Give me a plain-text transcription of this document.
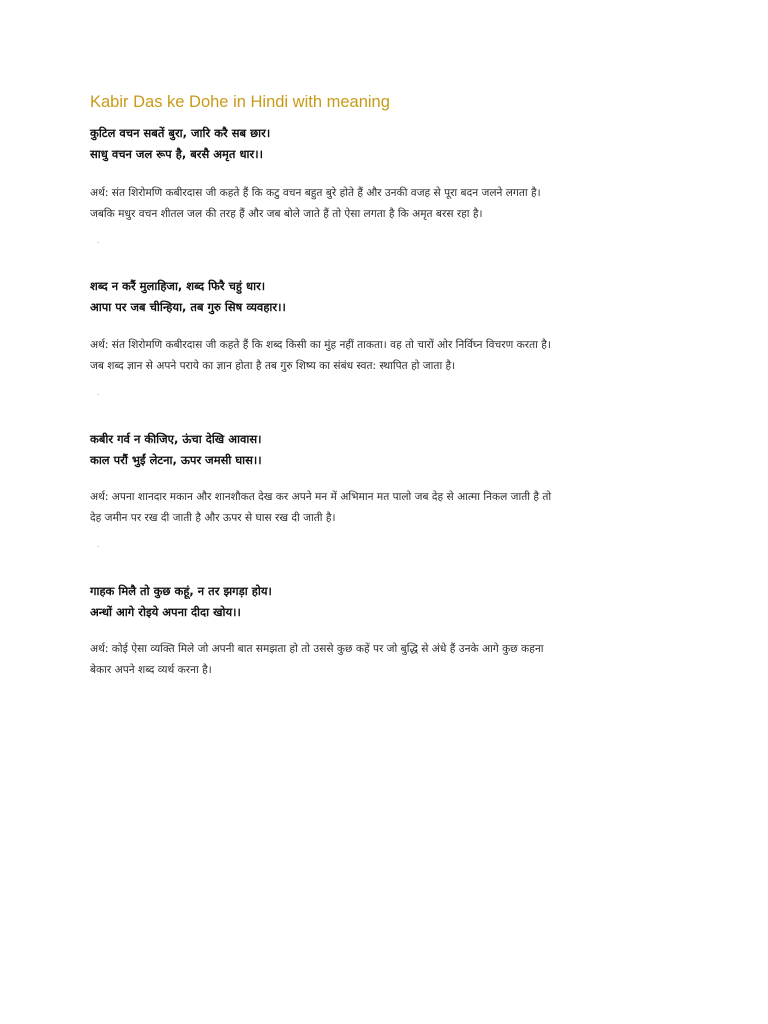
Kabir Das ke Dohe in Hindi with meaning
कुटिल वचन सबतें बुरा, जारि करै सब छार।
साधु वचन जल रूप है, बरसै अमृत धार।।
अर्थ: संत शिरोमणि कबीरदास जी कहते हैं कि कटु वचन बहुत बुरे होते हैं और उनकी वजह से पूरा बदन जलने लगता है।
जबकि मधुर वचन शीतल जल की तरह हैं और जब बोले जाते हैं तो ऐसा लगता है कि अमृत बरस रहा है।
शब्द न करैं मुलाहिजा, शब्द फिरै चहुं धार।
आपा पर जब चीन्हिया, तब गुरु सिष व्यवहार।।
अर्थ: संत शिरोमणि कबीरदास जी कहते हैं कि शब्द किसी का मुंह नहीं ताकता। वह तो चारों ओर निर्विघ्न विचरण करता है।
जब शब्द ज्ञान से अपने पराये का ज्ञान होता है तब गुरु शिष्य का संबंध स्वत: स्थापित हो जाता है।
कबीर गर्व न कीजिए, ऊंचा देखि आवास।
काल परौं भुईं लेटना, ऊपर जमसी घास।।
अर्थ: अपना शानदार मकान और शानशौकत देख कर अपने मन में अभिमान मत पालो जब देह से आत्मा निकल जाती है तो
देह जमीन पर रख दी जाती है और ऊपर से घास रख दी जाती है।
गाहक मिलै तो कुछ कहूं, न तर झगड़ा होय।
अन्धों आगे रोइये अपना दीदा खोय।।
अर्थ: कोई ऐसा व्यक्ति मिले जो अपनी बात समझता हो तो उससे कुछ कहें पर जो बुद्धि से अंधे हैं उनके आगे कुछ कहना
बेकार अपने शब्द व्यर्थ करना है।
